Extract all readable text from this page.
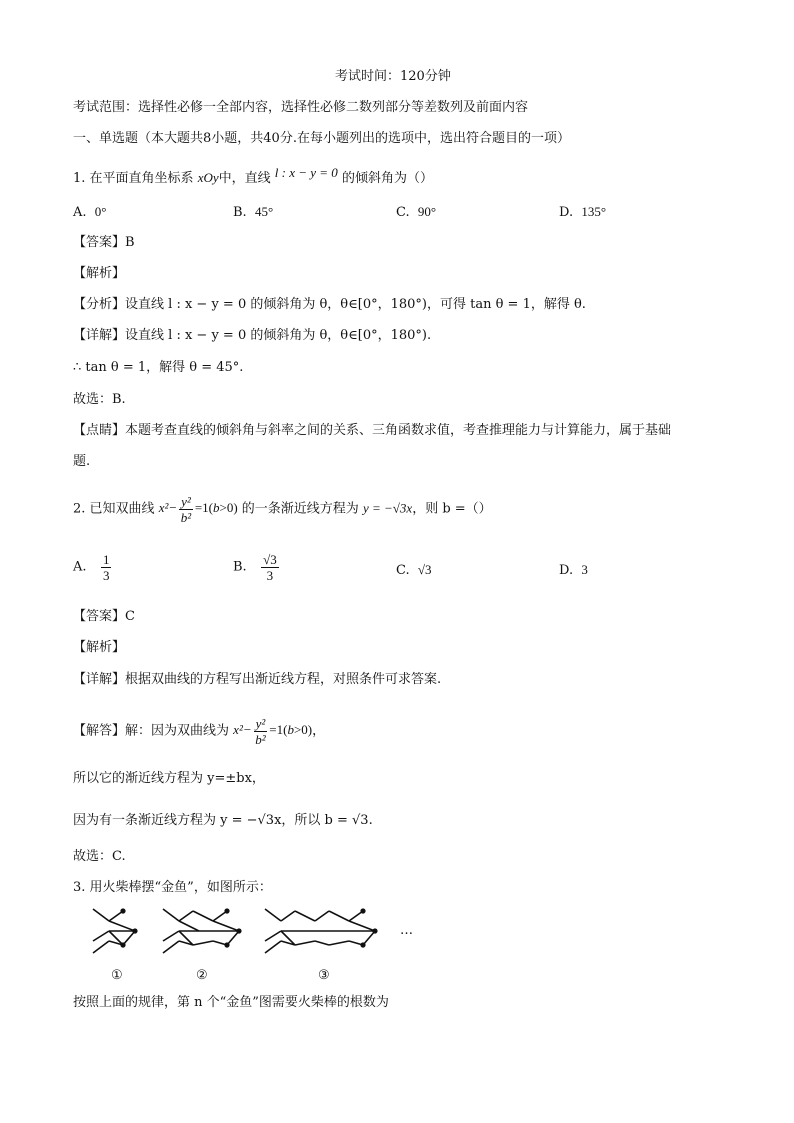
考试时间：120分钟
考试范围：选择性必修一全部内容，选择性必修二数列部分等差数列及前面内容
一、单选题（本大题共8小题，共40分.在每小题列出的选项中，选出符合题目的一项）
1. 在平面直角坐标系 xOy中，直线 l : x − y = 0 的倾斜角为（）
A. 0°	B. 45°	C. 90°	D. 135°
【答案】B
【解析】
【分析】设直线 l : x − y = 0 的倾斜角为 θ，θ∈[0°，180°)，可得 tan θ = 1，解得 θ.
【详解】设直线 l : x − y = 0 的倾斜角为 θ，θ∈[0°，180°).
∴ tan θ = 1，解得 θ = 45°.
故选：B.
【点睛】本题考查直线的倾斜角与斜率之间的关系、三角函数求值，考查推理能力与计算能力，属于基础
题.
2. 已知双曲线 $x^2- \frac{\text{y²}}{\text{b²}} =1(b>0)$ 的一条渐近线方程为 y = −√3x，则 b =（）
A. $\frac{1}{3}$	B. $\frac{√3}{3}$	C. √3	D. 3
【答案】C
【解析】
【详解】根据双曲线的方程写出渐近线方程，对照条件可求答案.
【解答】解：因为双曲线为 $x^2- \frac{\text{y²}}{\text{b²}} =1(b>0)$，
所以它的渐近线方程为 y=±bx，
因为有一条渐近线方程为 y = −√3x，所以 b = √3.
故选：C.
3. 用火柴棒摆“金鱼”，如图所示：
…
①	②	③
按照上面的规律，第 n 个“金鱼”图需要火柴棒的根数为
